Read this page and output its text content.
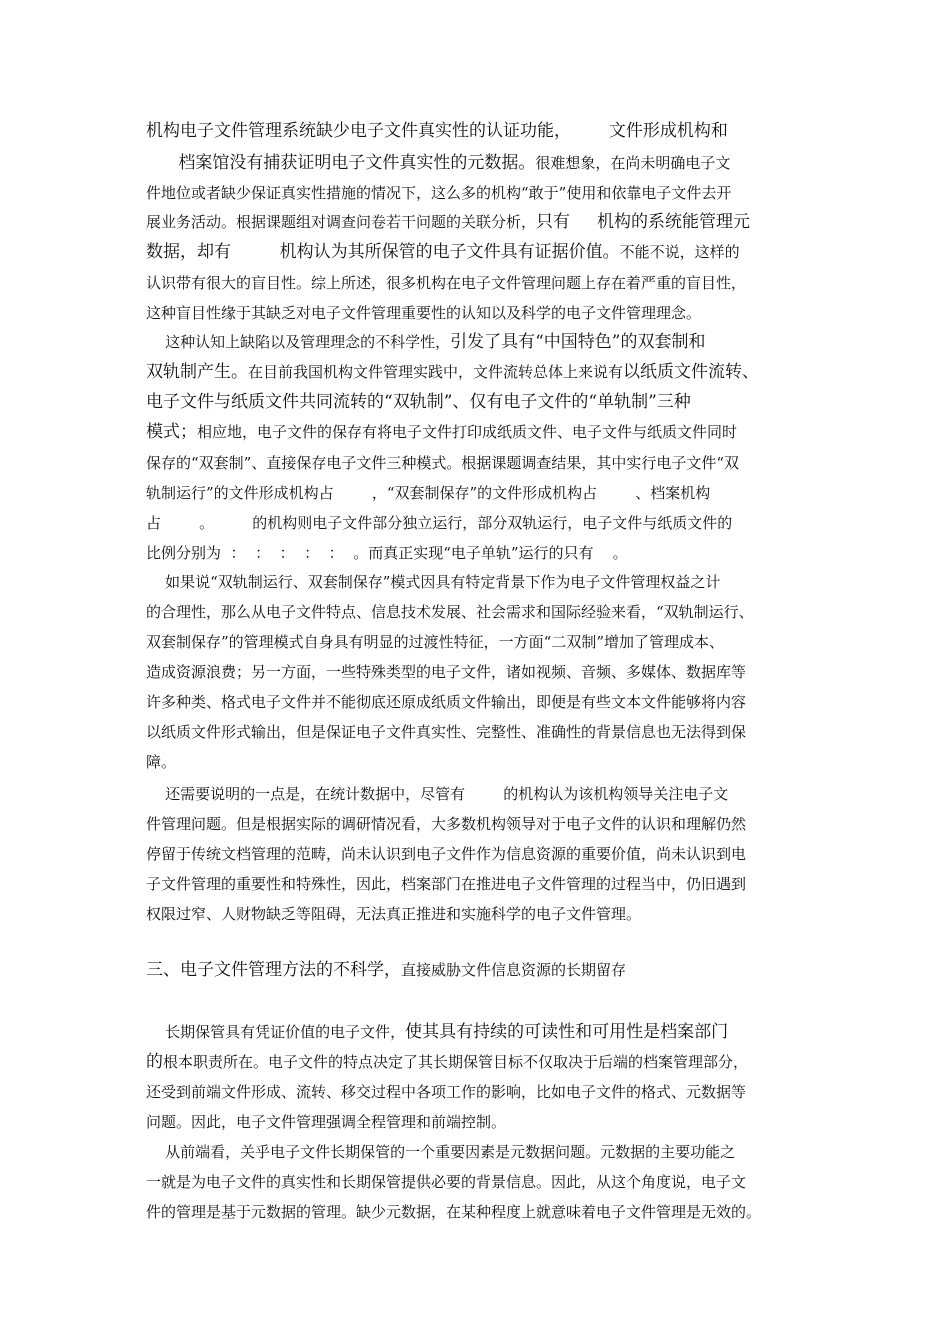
机构电子文件管理系统缺少电子文件真实性的认证功能，       文件形成机构和

档案馆没有捕获证明电子文件真实性的元数据。很难想象，在尚未明确电子文

件地位或者缺少保证真实性措施的情况下，这么多的机构“敢于”使用和依靠电子文件去开

展业务活动。根据课题组对调查问卷若干问题的关联分析，只有     机构的系统能管理元

数据，却有         机构认为其所保管的电子文件具有证据价值。不能不说，这样的

认识带有很大的盲目性。综上所述，很多机构在电子文件管理问题上存在着严重的盲目性，

这种盲目性缘于其缺乏对电子文件管理重要性的认知以及科学的电子文件管理理念。

这种认知上缺陷以及管理理念的不科学性，引发了具有“中国特色”的双套制和

双轨制产生。在目前我国机构文件管理实践中，文件流转总体上来说有以纸质文件流转、

电子文件与纸质文件共同流转的“双轨制”、仅有电子文件的“单轨制”三种

模式；相应地，电子文件的保存有将电子文件打印成纸质文件、电子文件与纸质文件同时

保存的“双套制”、直接保存电子文件三种模式。根据课题调查结果，其中实行电子文件“双

轨制运行”的文件形成机构占        ，“双套制保存”的文件形成机构占        、档案机构

占        。        的机构则电子文件部分独立运行，部分双轨运行，电子文件与纸质文件的

比例分别为  ：  ：  ：  ：  ：  。而真正实现“电子单轨”运行的只有    。

如果说“双轨制运行、双套制保存”模式因具有特定背景下作为电子文件管理权益之计

的合理性，那么从电子文件特点、信息技术发展、社会需求和国际经验来看，“双轨制运行、

双套制保存”的管理模式自身具有明显的过渡性特征，一方面“二双制”增加了管理成本、

造成资源浪费；另一方面，一些特殊类型的电子文件，诸如视频、音频、多媒体、数据库等

许多种类、格式电子文件并不能彻底还原成纸质文件输出，即便是有些文本文件能够将内容

以纸质文件形式输出，但是保证电子文件真实性、完整性、准确性的背景信息也无法得到保

障。

还需要说明的一点是，在统计数据中，尽管有        的机构认为该机构领导关注电子文

件管理问题。但是根据实际的调研情况看，大多数机构领导对于电子文件的认识和理解仍然

停留于传统文档管理的范畴，尚未认识到电子文件作为信息资源的重要价值，尚未认识到电

子文件管理的重要性和特殊性，因此，档案部门在推进电子文件管理的过程当中，仍旧遇到

权限过窄、人财物缺乏等阻碍，无法真正推进和实施科学的电子文件管理。

三、电子文件管理方法的不科学，直接威胁文件信息资源的长期留存

长期保管具有凭证价值的电子文件，使其具有持续的可读性和可用性是档案部门

的根本职责所在。电子文件的特点决定了其长期保管目标不仅取决于后端的档案管理部分，

还受到前端文件形成、流转、移交过程中各项工作的影响，比如电子文件的格式、元数据等

问题。因此，电子文件管理强调全程管理和前端控制。

从前端看，关乎电子文件长期保管的一个重要因素是元数据问题。元数据的主要功能之

一就是为电子文件的真实性和长期保管提供必要的背景信息。因此，从这个角度说，电子文

件的管理是基于元数据的管理。缺少元数据，在某种程度上就意味着电子文件管理是无效的。
